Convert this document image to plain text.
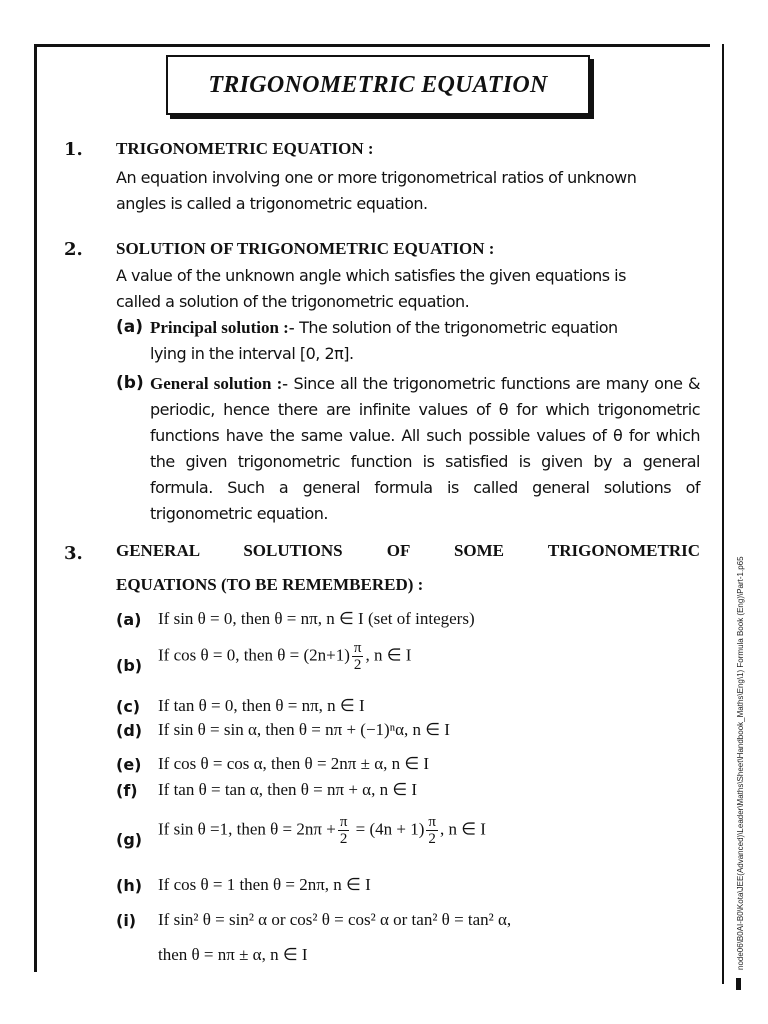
node06\B0AI-B0\Kota\JEE(Advanced)\Leader\Maths\Sheet\Handbook_Maths\Eng\1) Formula Book (Eng)\Part-1.p65
TRIGONOMETRIC EQUATION
1. TRIGONOMETRIC EQUATION :
An equation involving one or more trigonometrical ratios of unknown
angles is called a trigonometric equation.
2. SOLUTION OF TRIGONOMETRIC EQUATION :
A value of the unknown angle which satisfies the given equations is
called a solution of the trigonometric equation.
(a) Principal solution :- The solution of the trigonometric equation
lying in the interval [0, 2π].
(b) General solution :- Since all the trigonometric functions are many one & periodic, hence there are infinite values of θ for which trigonometric functions have the same value. All such possible values of θ for which the given trigonometric function is satisfied is given by a general formula. Such a general formula is called general solutions of trigonometric equation.
3. GENERAL SOLUTIONS OF SOME TRIGONOMETRIC
EQUATIONS (TO BE REMEMBERED) :
(a) If sin θ = 0, then θ = nπ, n ∈ I (set of integers)
(b)
If cos θ = 0, then $\theta = (2n+1) \frac{\pi}{2}$ , n ∈ I
(c) If tan θ = 0, then θ = nπ, n ∈ I
(d) If sin θ = sin α, then θ = nπ + (−1)ⁿα, n ∈ I
(e) If cos θ = cos α, then θ = 2nπ ± α, n ∈ I
(f) If tan θ = tan α, then θ = nπ + α, n ∈ I
(g)
If sin θ =1, then $\theta = 2n\pi + \frac{\pi}{2} = (4n + 1) \frac{\pi}{2}$ , n ∈ I
(h) If cos θ = 1 then θ = 2nπ, n ∈ I
(i) If sin² θ = sin² α or cos² θ = cos² α or tan² θ = tan² α,
then θ = nπ ± α, n ∈ I
